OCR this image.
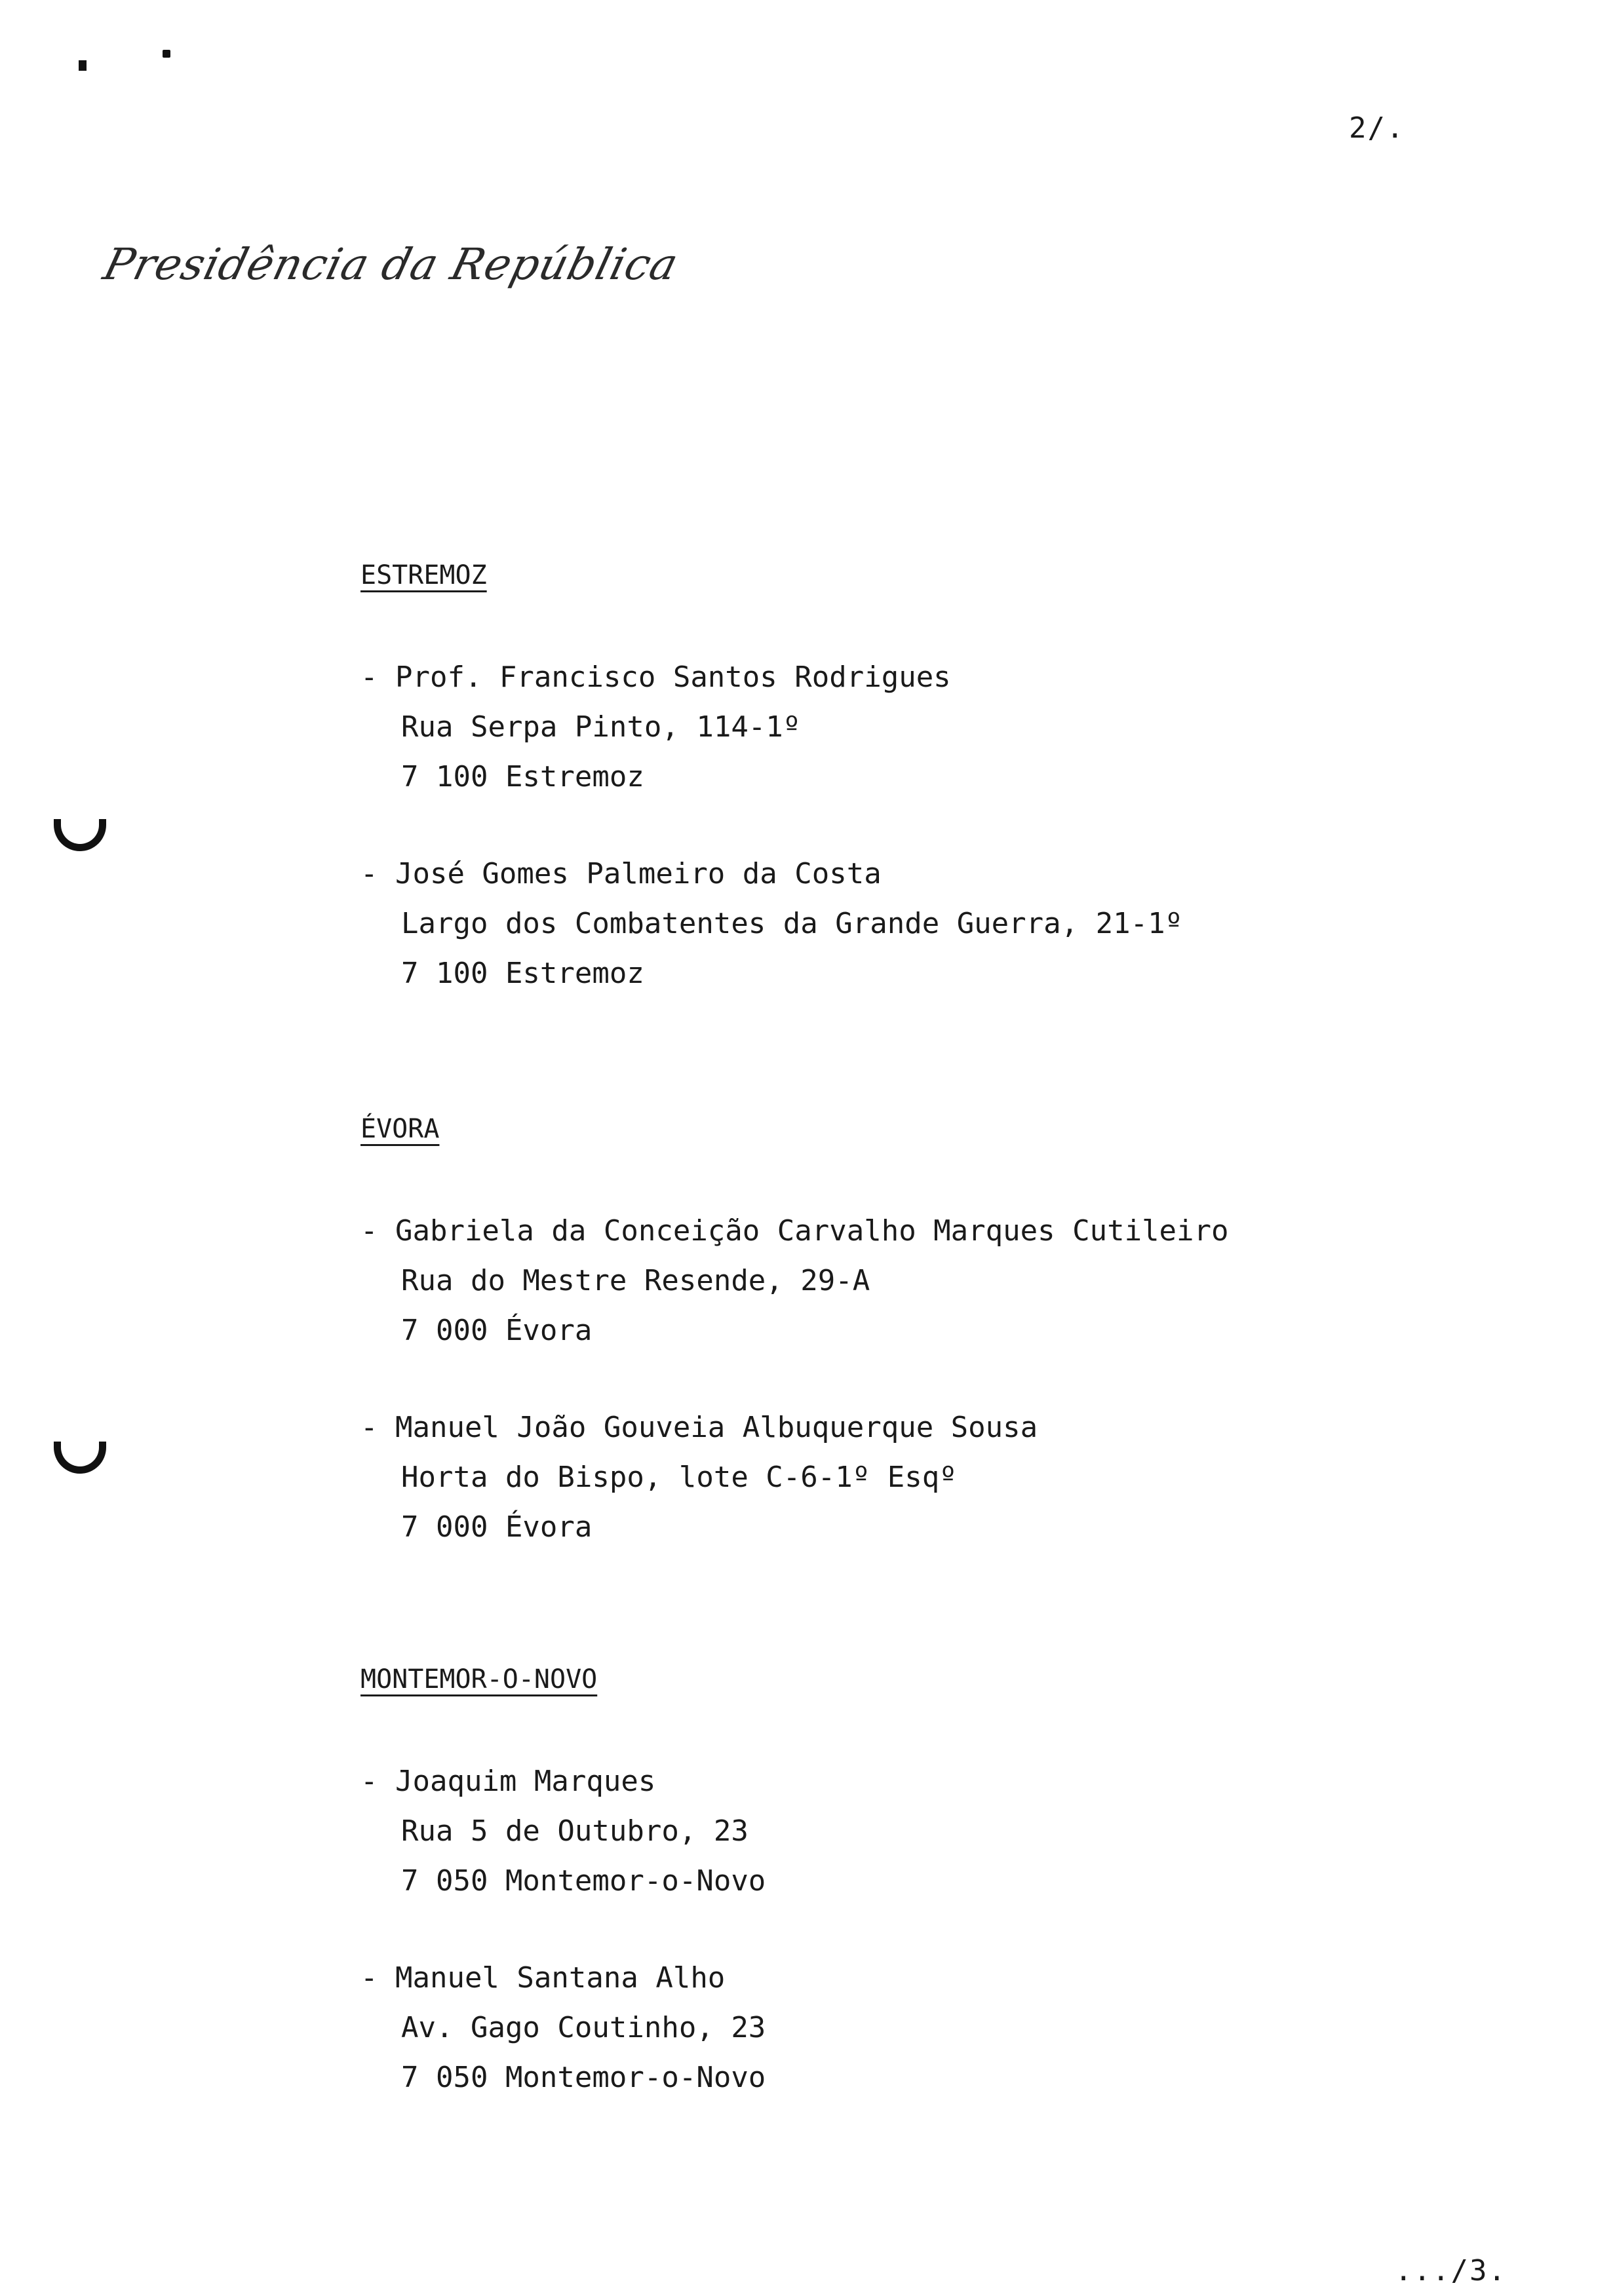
2/.
Presidência da República
ESTREMOZ
- Prof. Francisco Santos Rodrigues
Rua Serpa Pinto, 114-1º
7 100 Estremoz
- José Gomes Palmeiro da Costa
Largo dos Combatentes da Grande Guerra, 21-1º
7 100 Estremoz
ÉVORA
- Gabriela da Conceição Carvalho Marques Cutileiro
Rua do Mestre Resende, 29-A
7 000 Évora
- Manuel João Gouveia Albuquerque Sousa
Horta do Bispo, lote C-6-1º Esqº
7 000 Évora
MONTEMOR-O-NOVO
- Joaquim Marques
Rua 5 de Outubro, 23
7 050 Montemor-o-Novo
- Manuel Santana Alho
Av. Gago Coutinho, 23
7 050 Montemor-o-Novo
.../3.
